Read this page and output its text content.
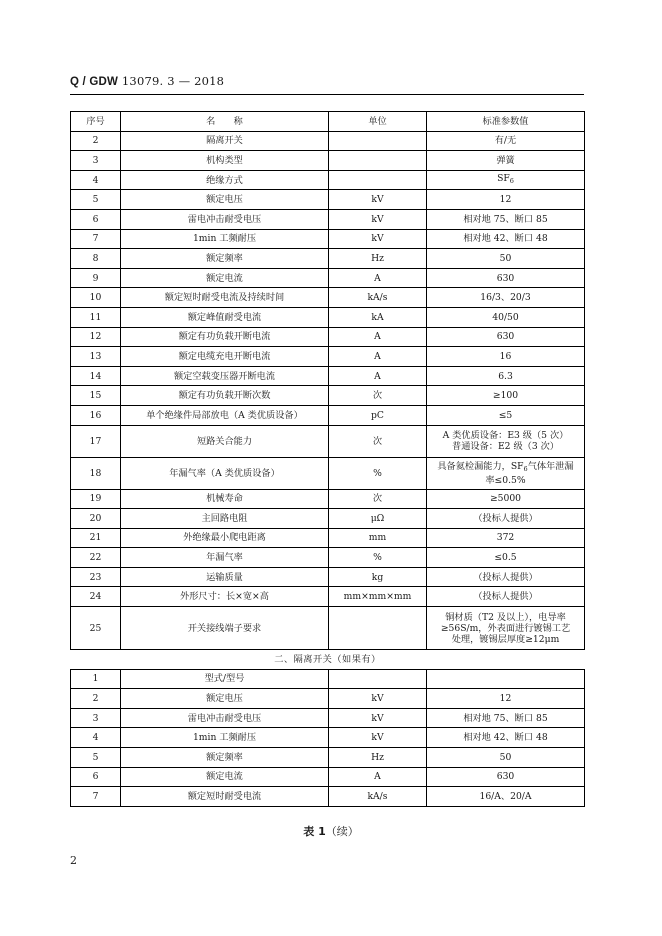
Q / GDW 13079. 3 — 2018
序号	名　　称	单位	标准参数值
2	隔离开关		有/无
3	机构类型		弹簧
4	绝缘方式		$SF_6$
5	额定电压	kV	12
6	雷电冲击耐受电压	kV	相对地 75、断口 85
7	1min 工频耐压	kV	相对地 42、断口 48
8	额定频率	Hz	50
9	额定电流	A	630
10	额定短时耐受电流及持续时间	kA/s	16/3、20/3
11	额定峰值耐受电流	kA	40/50
12	额定有功负载开断电流	A	630
13	额定电缆充电开断电流	A	16
14	额定空载变压器开断电流	A	6.3
15	额定有功负载开断次数	次	≥100
16	单个绝缘件局部放电（A 类优质设备）	pC	≤5
17	短路关合能力	次	A 类优质设备：E3 级（5 次）
普通设备：E2 级（3 次）
18	年漏气率（A 类优质设备）	%	具备氦检漏能力，$SF_6$气体年泄漏
率≤0.5%
19	机械寿命	次	≥5000
20	主回路电阻	μΩ	（投标人提供）
21	外绝缘最小爬电距离	mm	372
22	年漏气率	%	≤0.5
23	运输质量	kg	（投标人提供）
24	外形尺寸：长×宽×高	mm×mm×mm	（投标人提供）
25	开关接线端子要求		铜材质（T2 及以上），电导率
≥56S/m，外表面进行镀锡工艺
处理，镀锡层厚度≥12μm
二、隔离开关（如果有）			
1	型式/型号		
2	额定电压	kV	12
3	雷电冲击耐受电压	kV	相对地 75、断口 85
4	1min 工频耐压	kV	相对地 42、断口 48
5	额定频率	Hz	50
6	额定电流	A	630
7	额定短时耐受电流	kA/s	16/A、20/A
表 1（续）
2
